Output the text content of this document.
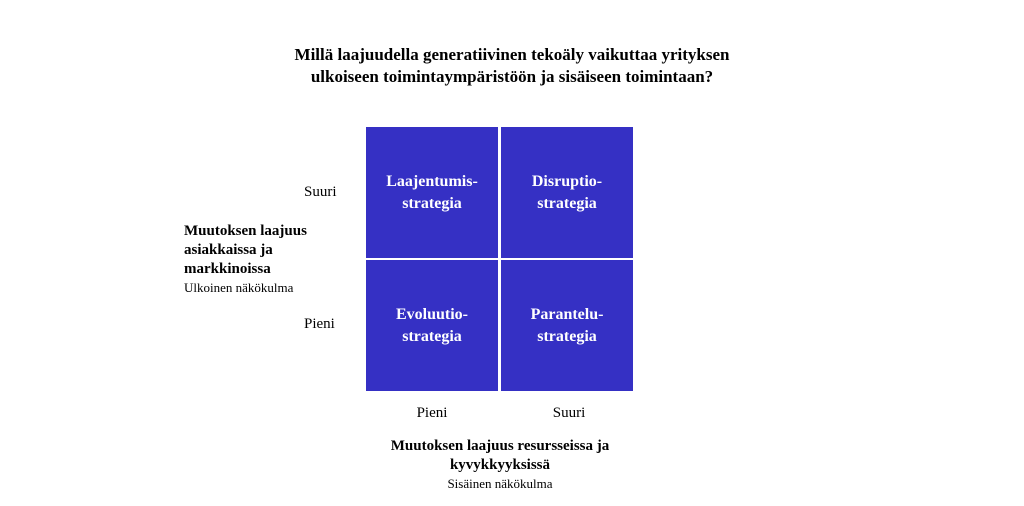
Millä laajuudella generatiivinen tekoäly vaikuttaa yrityksen
ulkoiseen toimintaympäristöön ja sisäiseen toimintaan?
Laajentumis-
strategia
Disruptio-
strategia
Evoluutio-
strategia
Parantelu-
strategia
Suuri
Pieni
Pieni	Suuri
Muutoksen laajuus
asiakkaissa ja
markkinoissa
Ulkoinen näkökulma
Muutoksen laajuus resursseissa ja
kyvykkyyksissä
Sisäinen näkökulma
